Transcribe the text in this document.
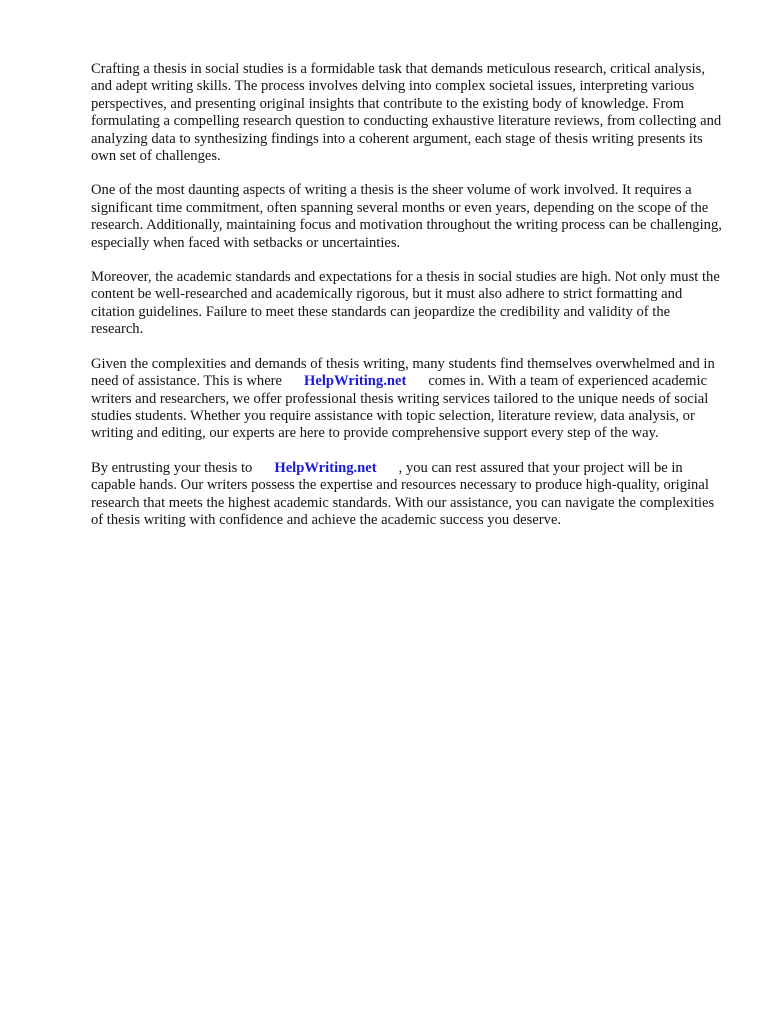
Crafting a thesis in social studies is a formidable task that demands meticulous research, critical analysis, and adept writing skills. The process involves delving into complex societal issues, interpreting various perspectives, and presenting original insights that contribute to the existing body of knowledge. From formulating a compelling research question to conducting exhaustive literature reviews, from collecting and analyzing data to synthesizing findings into a coherent argument, each stage of thesis writing presents its own set of challenges.

One of the most daunting aspects of writing a thesis is the sheer volume of work involved. It requires a significant time commitment, often spanning several months or even years, depending on the scope of the research. Additionally, maintaining focus and motivation throughout the writing process can be challenging, especially when faced with setbacks or uncertainties.

Moreover, the academic standards and expectations for a thesis in social studies are high. Not only must the content be well-researched and academically rigorous, but it must also adhere to strict formatting and citation guidelines. Failure to meet these standards can jeopardize the credibility and validity of the research.

Given the complexities and demands of thesis writing, many students find themselves overwhelmed and in need of assistance. This is where HelpWriting.net comes in. With a team of experienced academic writers and researchers, we offer professional thesis writing services tailored to the unique needs of social studies students. Whether you require assistance with topic selection, literature review, data analysis, or writing and editing, our experts are here to provide comprehensive support every step of the way.

By entrusting your thesis to HelpWriting.net , you can rest assured that your project will be in capable hands. Our writers possess the expertise and resources necessary to produce high-quality, original research that meets the highest academic standards. With our assistance, you can navigate the complexities of thesis writing with confidence and achieve the academic success you deserve.
